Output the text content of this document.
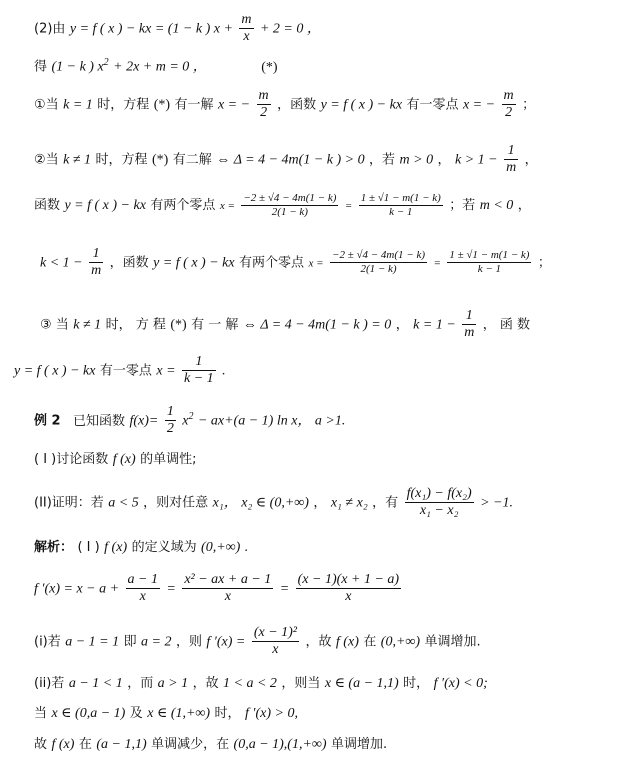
(2)由 y = f ( x ) − kx = (1 − k ) $x + \frac{m}{x} + 2 = 0$ ，
得 (1 − k ) $x^2 + 2x + m = 0$ ，	(*)
①当 k = 1 时，方程 (*) 有一解 x = − $\frac{m}{2}$ ，函数 y = f ( x ) − kx 有一零点 x = − $\frac{m}{2}$ ；
②当 k ≠ 1 时，方程 (*) 有二解 ⇔ Δ = 4 − 4m(1 − k ) > 0 ，若 m > 0 ， $k > 1 - \frac{1}{m}$ ，
函数 y = f ( x ) − kx 有两个零点 $x = \frac{-2 \pm √4 - 4m(1 - k)}{2(1 - k)} = \frac{1 \pm √1 - m(1 - k)}{k - 1}$ ；若 m < 0 ，
$k < 1 - \frac{1}{m}$ ，函数 y = f ( x ) − kx 有两个零点 $x = \frac{-2 \pm √4 - 4m(1 - k)}{2(1 - k)} = \frac{1 \pm √1 - m(1 - k)}{k - 1}$ ；
③ 当 k ≠ 1 时， 方 程 (*) 有 一 解 ⇔ Δ = 4 − 4m(1 − k ) = 0 ， $k = 1 - \frac{1}{m}$ ， 函 数
y = f ( x ) − kx 有一零点 $x = \frac{1}{k - 1}$ .
例 2 已知函数 $f(x)= \frac{1}{2} x^2 - ax+(a - 1)$ ln x， a >1.
( I )讨论函数 f (x) 的单调性;
(II)证明：若 a < 5 ，则对任意 x₁， x₂ ∈ (0,+∞) ， x₁ ≠ x₂ ，有 $\frac{\text{f(x₁) − f(x₂)}}{\text{x₁ − x₂}} > -1$.
解析： ( I ) f (x) 的定义域为 (0,+∞) .
f $'(x) = x - a + \frac{a - 1}{x} = \frac{\text{x² − ax + a − 1}}{x} = \frac{(x - 1)(x + 1 - a)}{x}$
(i)若 a − 1 = 1 即 a = 2 ，则 f $'(x) = \frac{\text{(x − 1)²}}{x}$ ，故 f (x) 在 (0,+∞) 单调增加.
(ii)若 a − 1 < 1 ，而 a > 1 ，故 1 < a < 2 ，则当 x ∈ (a − 1,1) 时， f ′(x) < 0;
当 x ∈ (0,a − 1) 及 x ∈ (1,+∞) 时， f ′(x) > 0,
故 f (x) 在 (a − 1,1) 单调减少，在 (0,a − 1),(1,+∞) 单调增加.
